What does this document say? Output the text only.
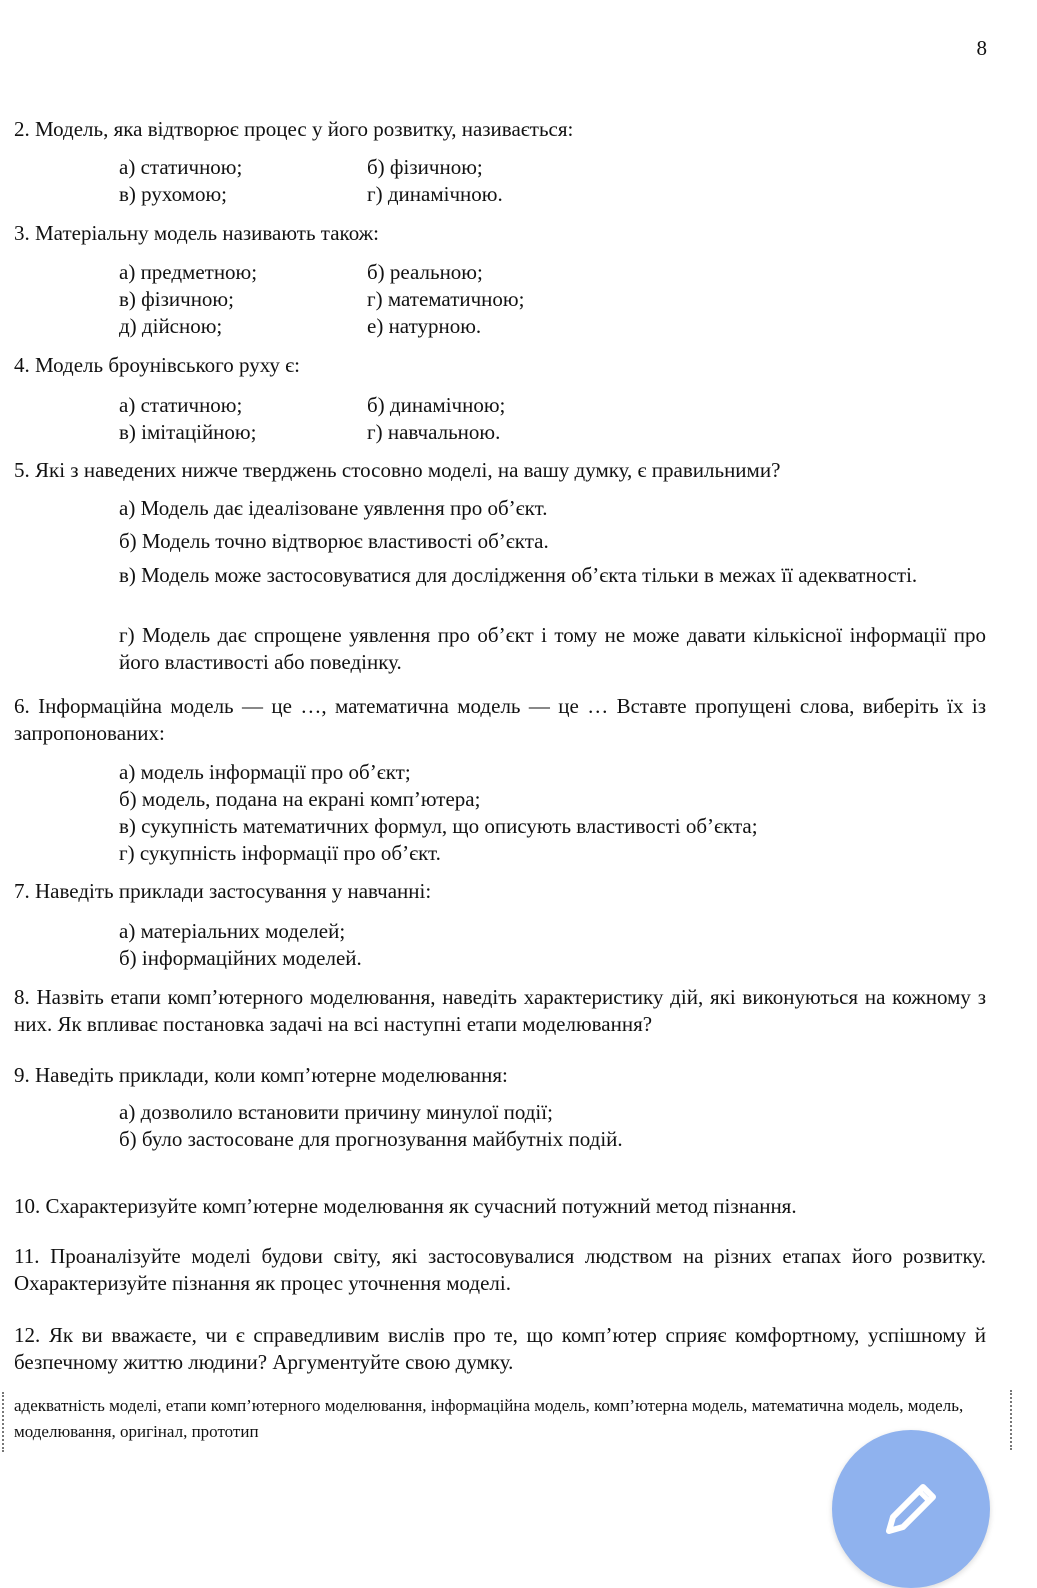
8

2. Модель, яка відтворює процес у його розвитку, називається:

а) статичною;	б) фізичною;
в) рухомою;	г) динамічною.

3. Матеріальну модель називають також:

а) предметною;	б) реальною;
в) фізичною;	г) математичною;
д) дійсною;	е) натурною.

4. Модель броунівського руху є:

а) статичною;	б) динамічною;
в) імітаційною;	г) навчальною.

5. Які з наведених нижче тверджень стосовно моделі, на вашу думку, є правильними?

а) Модель дає ідеалізоване уявлення про об’єкт.

б) Модель точно відтворює властивості об’єкта.

в) Модель може застосовуватися для дослідження об’єкта тільки в межах її адекватності.

г) Модель дає спрощене уявлення про об’єкт і тому не може давати кількісної інформації про його властивості або поведінку.

6. Інформаційна модель — це …, математична модель — це … Вставте пропущені слова, виберіть їх із запропонованих:

а) модель інформації про об’єкт;
б) модель, подана на екрані комп’ютера;
в) сукупність математичних формул, що описують властивості об’єкта;
г) сукупність інформації про об’єкт.

7. Наведіть приклади застосування у навчанні:

а) матеріальних моделей;
б) інформаційних моделей.

8. Назвіть етапи комп’ютерного моделювання, наведіть характеристику дій, які виконуються на кожному з них. Як впливає постановка задачі на всі наступні етапи моделювання?

9. Наведіть приклади, коли комп’ютерне моделювання:

а) дозволило встановити причину минулої події;
б) було застосоване для прогнозування майбутніх подій.

10. Схарактеризуйте комп’ютерне моделювання як сучасний потужний метод пізнання.

11. Проаналізуйте моделі будови світу, які застосовувалися людством на різних етапах його розвитку. Охарактеризуйте пізнання як процес уточнення моделі.

12. Як ви вважаєте, чи є справедливим вислів про те, що комп’ютер сприяє комфортному, успішному й безпечному життю людини? Аргументуйте свою думку.

адекватність моделі, етапи комп’ютерного моделювання, інформаційна модель, комп’ютерна модель, математична модель, модель, моделювання, оригінал, прототип
